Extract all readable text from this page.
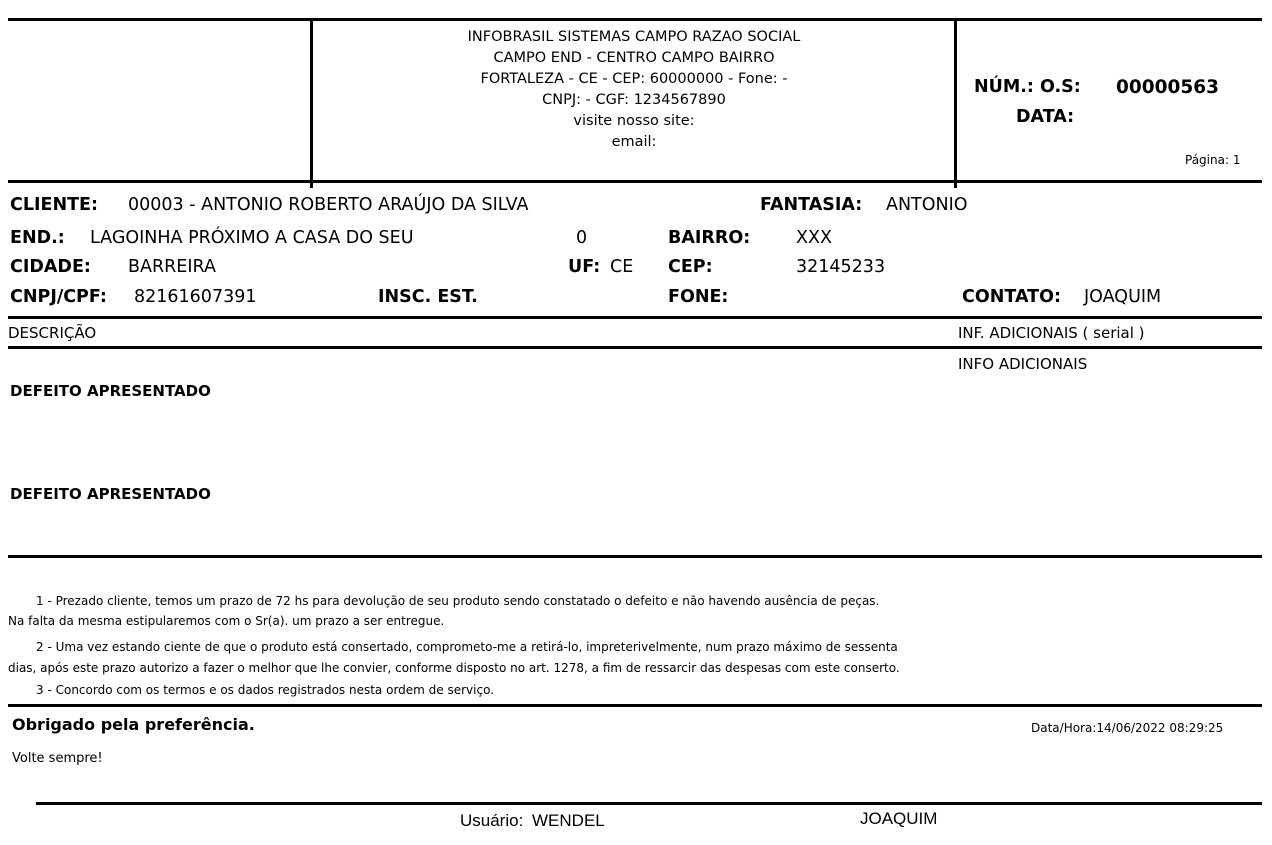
INFOBRASIL SISTEMAS CAMPO RAZAO SOCIAL
CAMPO END - CENTRO CAMPO BAIRRO
FORTALEZA - CE - CEP: 60000000 - Fone: -
CNPJ: - CGF: 1234567890
visite nosso site:
email:
NÚM.: O.S: 00000563
DATA:
Página: 1
CLIENTE: 00003 - ANTONIO ROBERTO ARAÚJO DA SILVA	FANTASIA: ANTONIO
END.: LAGOINHA PRÓXIMO A CASA DO SEU	0	BAIRRO:	XXX
CIDADE: BARREIRA	UF: CE CEP:	32145233
CNPJ/CPF: 82161607391	INSC. EST.	FONE:	CONTATO: JOAQUIM
DESCRIÇÃO	INF. ADICIONAIS ( serial )
INFO ADICIONAIS
DEFEITO APRESENTADO
DEFEITO APRESENTADO
1 - Prezado cliente, temos um prazo de 72 hs para devolução de seu produto sendo constatado o defeito e não havendo ausência de peças.
Na falta da mesma estipularemos com o Sr(a). um prazo a ser entregue.
2 - Uma vez estando ciente de que o produto está consertado, comprometo-me a retirá-lo, impreterivelmente, num prazo máximo de sessenta
dias, após este prazo autorizo a fazer o melhor que lhe convier, conforme disposto no art. 1278, a fim de ressarcir das despesas com este conserto.
3 - Concordo com os termos e os dados registrados nesta ordem de serviço.
Obrigado pela preferência.	Data/Hora:14/06/2022 08:29:25
Volte sempre!
Usuário: WENDEL	JOAQUIM
